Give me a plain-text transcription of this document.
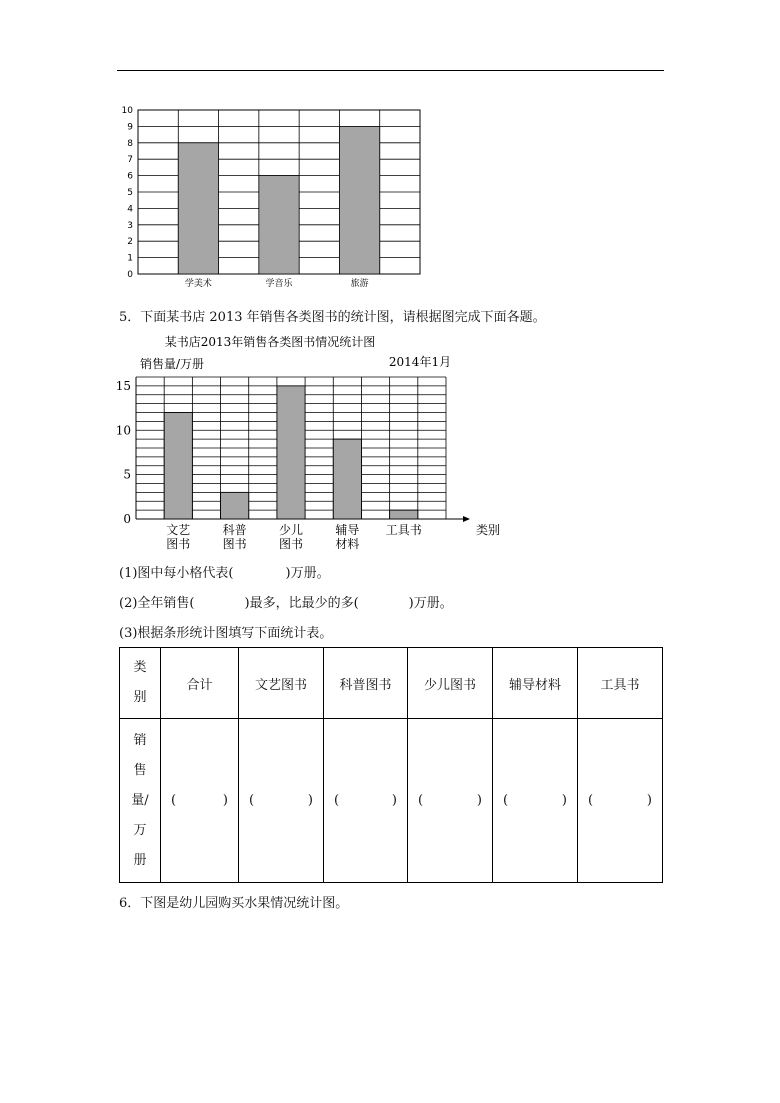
0
1
2
3
4
5
6
7
8
9
10
学美术	学音乐	旅游
5．下面某书店 2013 年销售各类图书的统计图，请根据图完成下面各题。
某书店2013年销售各类图书情况统计图
销售量/万册	2014年1月
0
5
10
15
文艺
图书
科普
图书
少儿
图书
辅导
材料
工具书	类别
(1)图中每小格代表(	)万册。
(2)全年销售(	)最多，比最少的多(	)万册。
(3)根据条形统计图填写下面统计表。
类
别	合计	文艺图书	科普图书	少儿图书	辅导材料	工具书

销
售
量/
万
册	( )	( )	( )	( )	( )	( )
6．下图是幼儿园购买水果情况统计图。
